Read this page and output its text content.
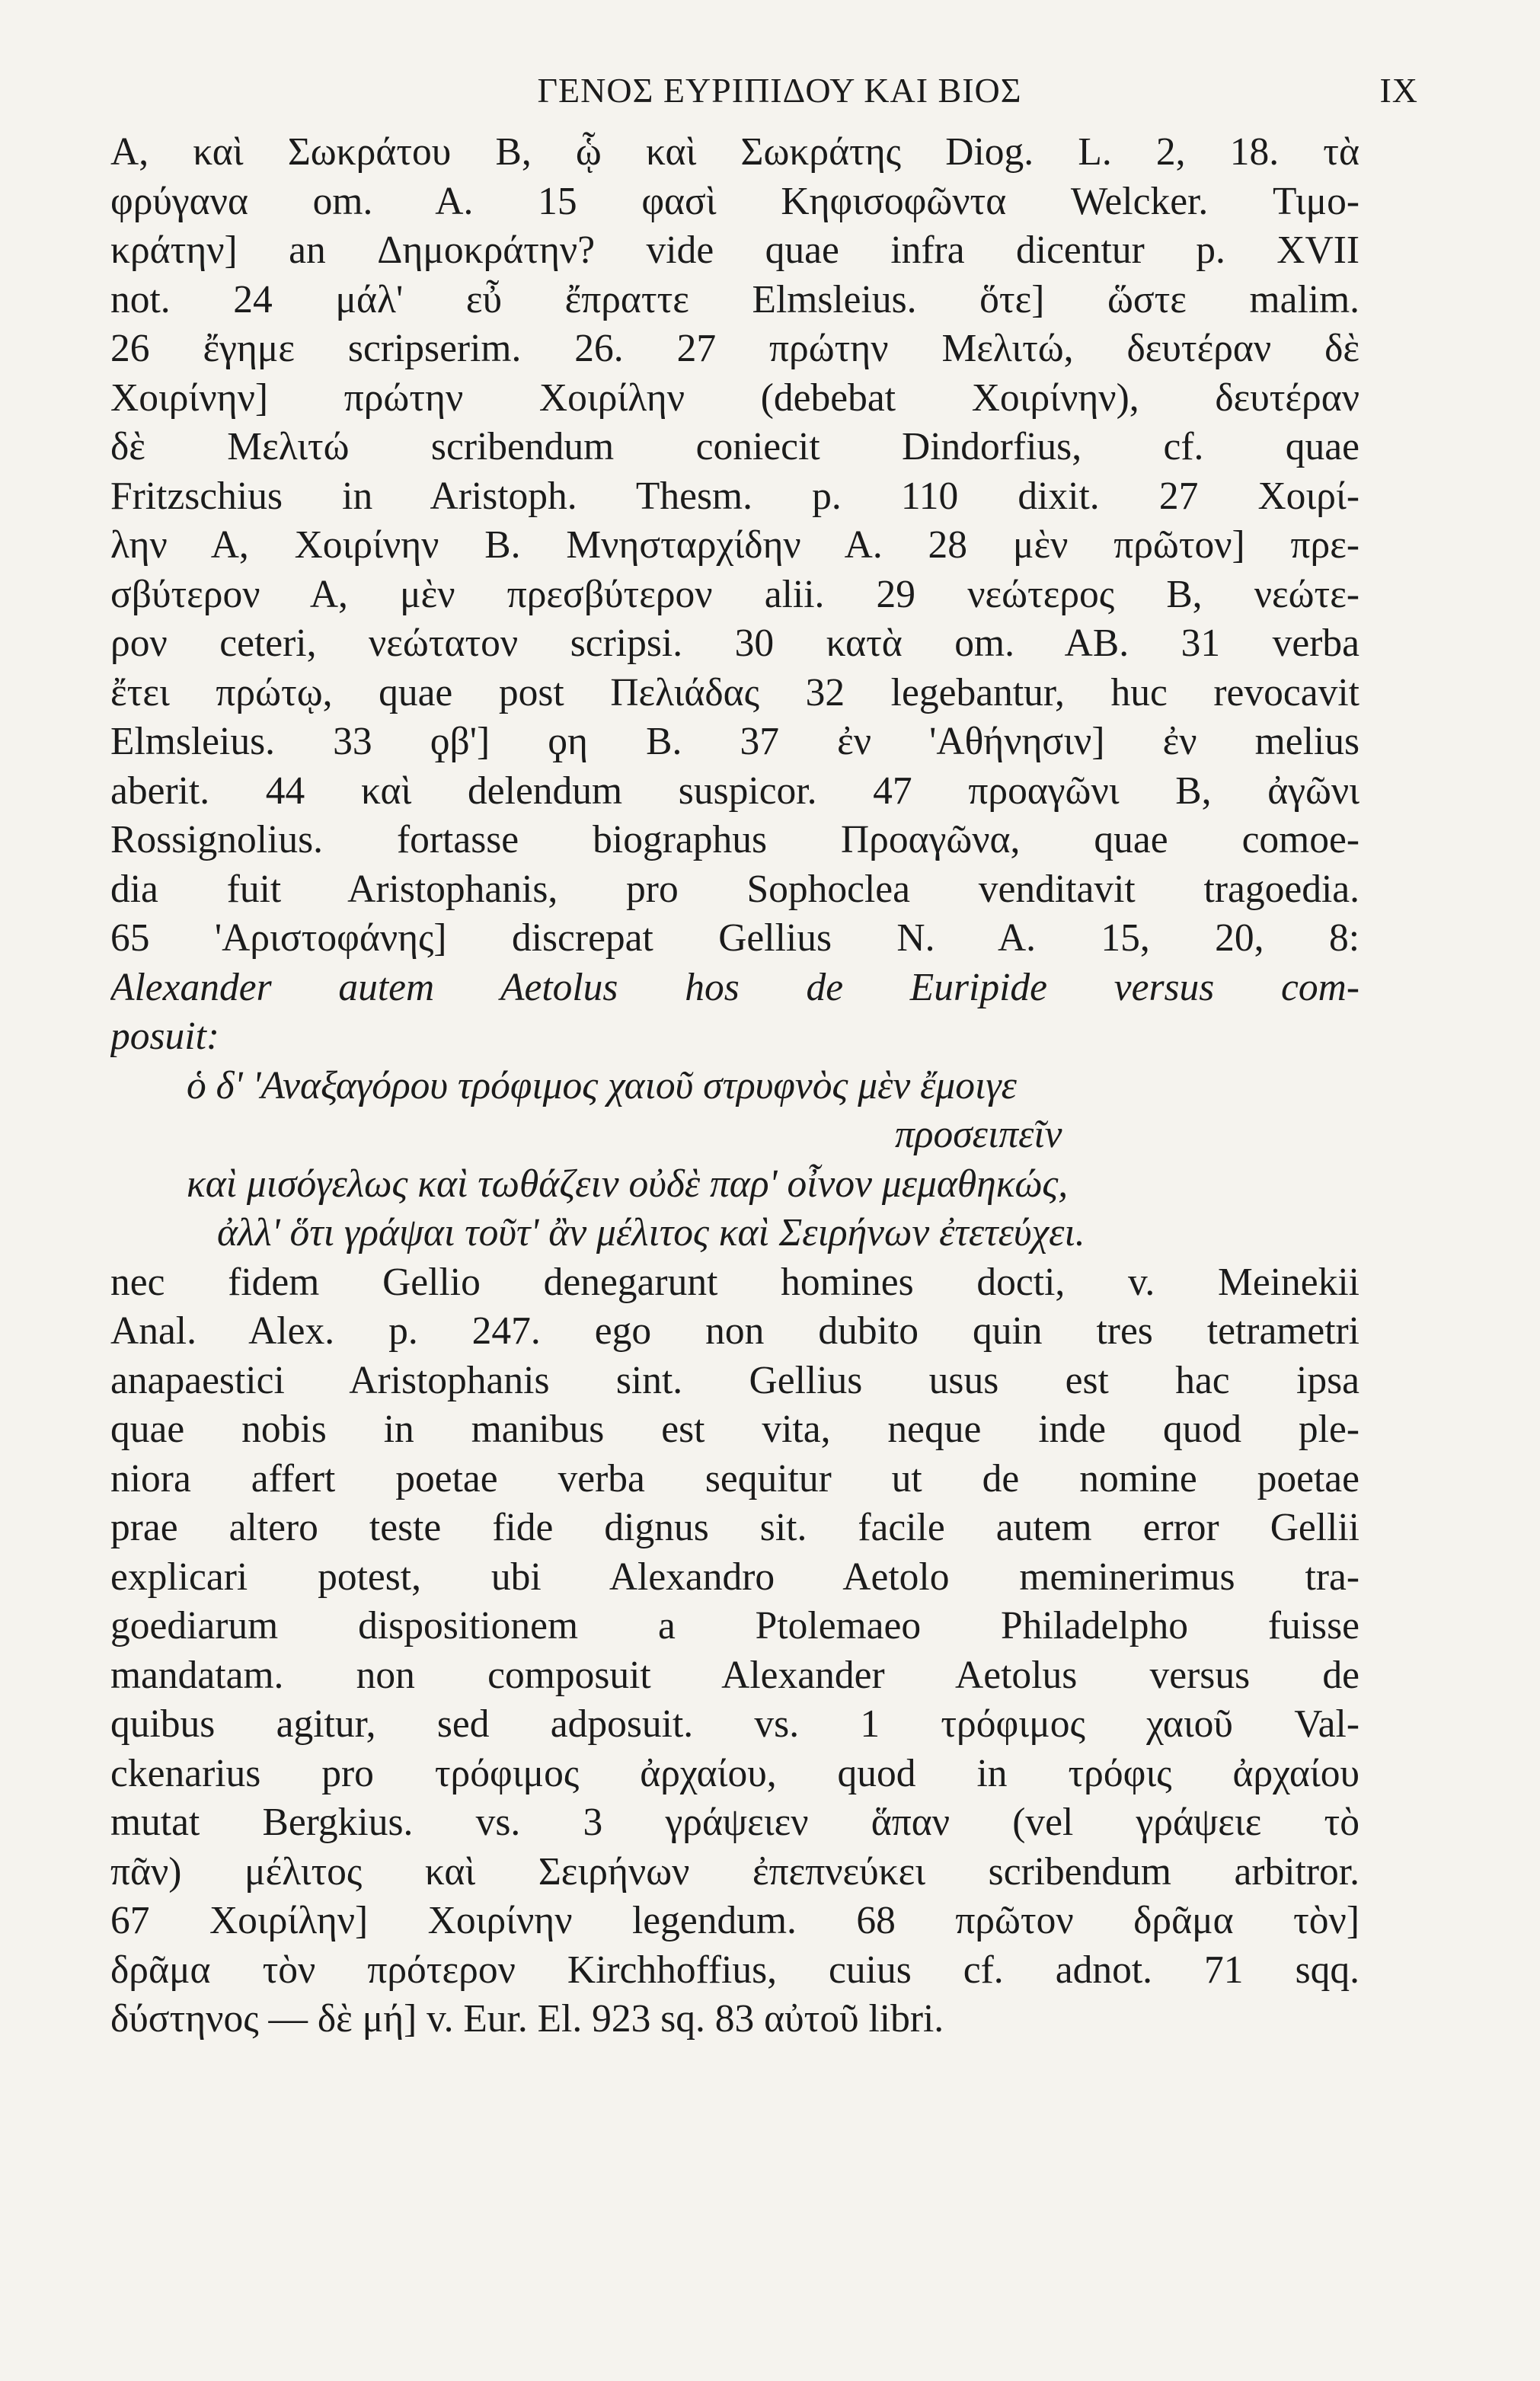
ΓΕΝΟΣ ΕΥΡΙΠΙΔΟΥ ΚΑΙ ΒΙΟΣ	IX
Α, καὶ Σωκράτου Β, ᾧ καὶ Σωκράτης Diog. L. 2, 18. τὰ
φρύγανα om. A. 15 φασὶ Κηφισοφῶντα Welcker. Τιμο-
κράτην] an Δημοκράτην? vide quae infra dicentur p. XVII
not. 24 μάλ' εὖ ἔπραττε Elmsleius. ὅτε] ὥστε malim.
26 ἔγημε scripserim. 26. 27 πρώτην Μελιτώ, δευτέραν δὲ
Χοιρίνην] πρώτην Χοιρίλην (debebat Χοιρίνην), δευτέραν
δὲ Μελιτώ scribendum coniecit Dindorfius, cf. quae
Fritzschius in Aristoph. Thesm. p. 110 dixit. 27 Χοιρί-
λην Α, Χοιρίνην Β. Μνησταρχίδην Α. 28 μὲν πρῶτον] πρε-
σβύτερον Α, μὲν πρεσβύτερον alii. 29 νεώτερος Β, νεώτε-
ρον ceteri, νεώτατον scripsi. 30 κατὰ om. AB. 31 verba
ἔτει πρώτῳ, quae post Πελιάδας 32 legebantur, huc revocavit
Elmsleius. 33 ϙβ'] ϙη Β. 37 ἐν 'Αθήνησιν] ἐν melius
aberit. 44 καὶ delendum suspicor. 47 προαγῶνι Β, ἀγῶνι
Rossignolius. fortasse biographus Προαγῶνα, quae comoe-
dia fuit Aristophanis, pro Sophoclea venditavit tragoedia.
65 'Αριστοφάνης] discrepat Gellius N. A. 15, 20, 8:
Alexander autem Aetolus hos de Euripide versus com-
posuit:
ὁ δ' 'Αναξαγόρου τρόφιμος χαιοῦ στρυφνὸς μὲν ἔμοιγε
προσειπεῖν
καὶ μισόγελως καὶ τωθάζειν οὐδὲ παρ' οἶνον μεμαθηκώς,
ἀλλ' ὅτι γράψαι τοῦτ' ἂν μέλιτος καὶ Σειρήνων ἐτετεύχει.
nec fidem Gellio denegarunt homines docti, v. Meinekii
Anal. Alex. p. 247. ego non dubito quin tres tetrametri
anapaestici Aristophanis sint. Gellius usus est hac ipsa
quae nobis in manibus est vita, neque inde quod ple-
niora affert poetae verba sequitur ut de nomine poetae
prae altero teste fide dignus sit. facile autem error Gellii
explicari potest, ubi Alexandro Aetolo meminerimus tra-
goediarum dispositionem a Ptolemaeo Philadelpho fuisse
mandatam. non composuit Alexander Aetolus versus de
quibus agitur, sed adposuit. vs. 1 τρόφιμος χαιοῦ Val-
ckenarius pro τρόφιμος ἀρχαίου, quod in τρόφις ἀρχαίου
mutat Bergkius. vs. 3 γράψειεν ἅπαν (vel γράψειε τὸ
πᾶν) μέλιτος καὶ Σειρήνων ἐπεπνεύκει scribendum arbitror.
67 Χοιρίλην] Χοιρίνην legendum. 68 πρῶτον δρᾶμα τὸν]
δρᾶμα τὸν πρότερον Kirchhoffius, cuius cf. adnot. 71 sqq.
δύστηνος — δὲ μή] v. Eur. El. 923 sq. 83 αὐτοῦ libri.
